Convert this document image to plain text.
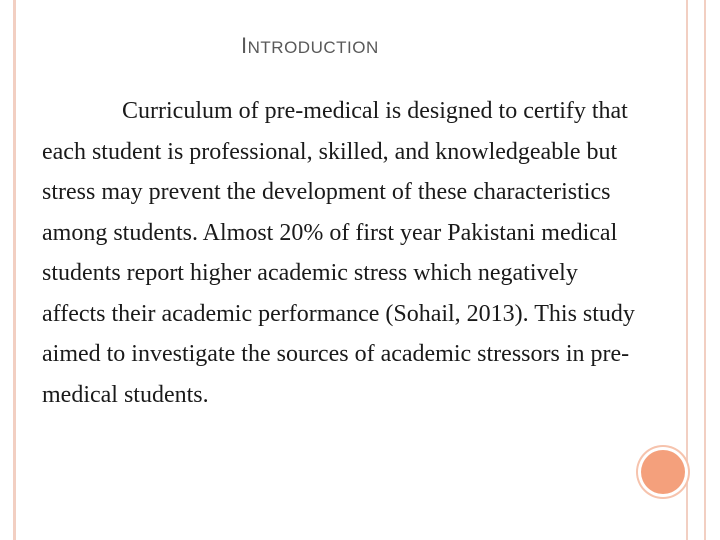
INTRODUCTION

Curriculum of pre-medical is designed to certify that each student is professional, skilled, and knowledgeable but stress may prevent the development of these characteristics among students. Almost 20% of first year Pakistani medical students report higher academic stress which negatively affects their academic performance (Sohail, 2013). This study aimed to investigate the sources of academic stressors in pre-medical students.
